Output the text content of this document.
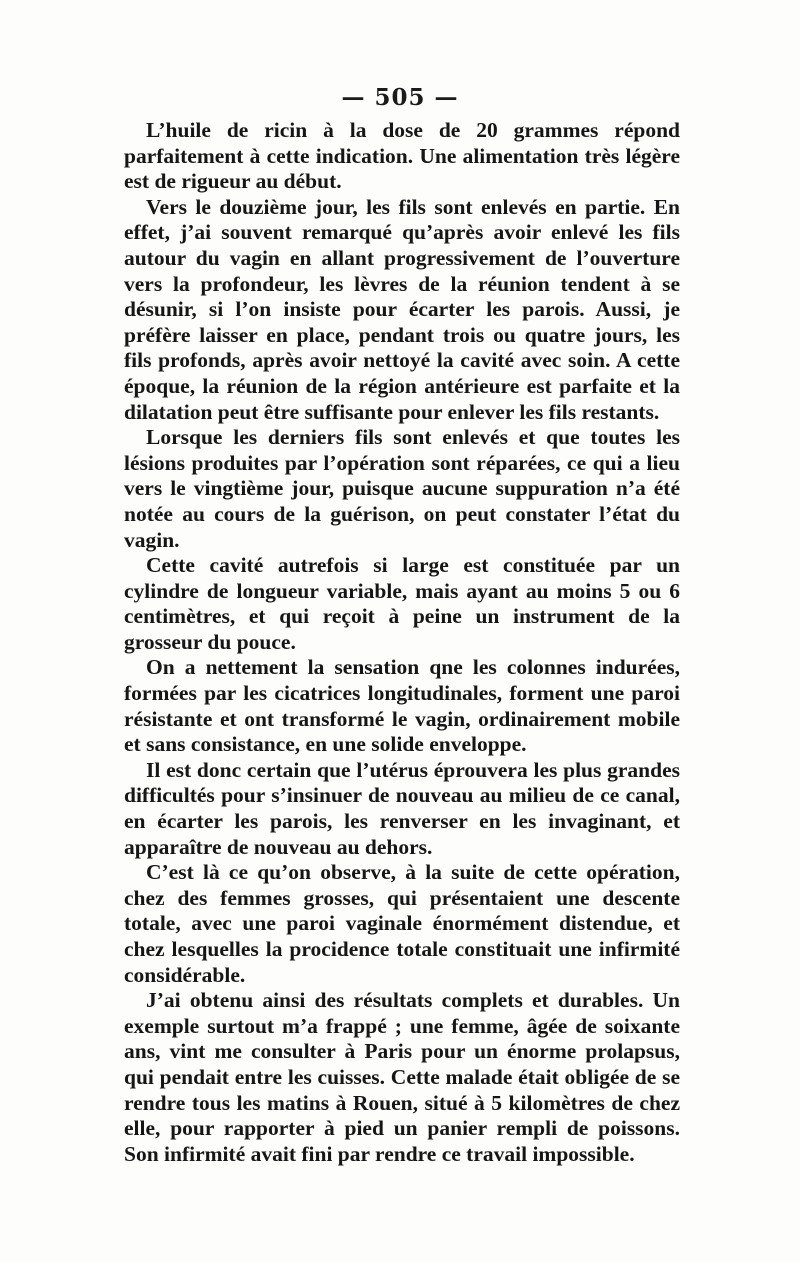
— 505 —

L’huile de ricin à la dose de 20 grammes répond parfaitement à cette indication. Une alimentation très légère est de rigueur au début.

Vers le douzième jour, les fils sont enlevés en partie. En effet, j’ai souvent remarqué qu’après avoir enlevé les fils autour du vagin en allant progressivement de l’ouverture vers la profondeur, les lèvres de la réunion tendent à se désunir, si l’on insiste pour écarter les parois. Aussi, je préfère laisser en place, pendant trois ou quatre jours, les fils profonds, après avoir nettoyé la cavité avec soin. A cette époque, la réunion de la région antérieure est parfaite et la dilatation peut être suffisante pour enlever les fils restants.

Lorsque les derniers fils sont enlevés et que toutes les lésions produites par l’opération sont réparées, ce qui a lieu vers le vingtième jour, puisque aucune suppuration n’a été notée au cours de la guérison, on peut constater l’état du vagin.

Cette cavité autrefois si large est constituée par un cylindre de longueur variable, mais ayant au moins 5 ou 6 centimètres, et qui reçoit à peine un instrument de la grosseur du pouce.

On a nettement la sensation qne les colonnes indurées, formées par les cicatrices longitudinales, forment une paroi résistante et ont transformé le vagin, ordinairement mobile et sans consistance, en une solide enveloppe.

Il est donc certain que l’utérus éprouvera les plus grandes difficultés pour s’insinuer de nouveau au milieu de ce canal, en écarter les parois, les renverser en les invaginant, et apparaître de nouveau au dehors.

C’est là ce qu’on observe, à la suite de cette opération, chez des femmes grosses, qui présentaient une descente totale, avec une paroi vaginale énormément distendue, et chez lesquelles la procidence totale constituait une infirmité considérable.

J’ai obtenu ainsi des résultats complets et durables. Un exemple surtout m’a frappé ; une femme, âgée de soixante ans, vint me consulter à Paris pour un énorme prolapsus, qui pendait entre les cuisses. Cette malade était obligée de se rendre tous les matins à Rouen, situé à 5 kilomètres de chez elle, pour rapporter à pied un panier rempli de poissons. Son infirmité avait fini par rendre ce travail impossible.
